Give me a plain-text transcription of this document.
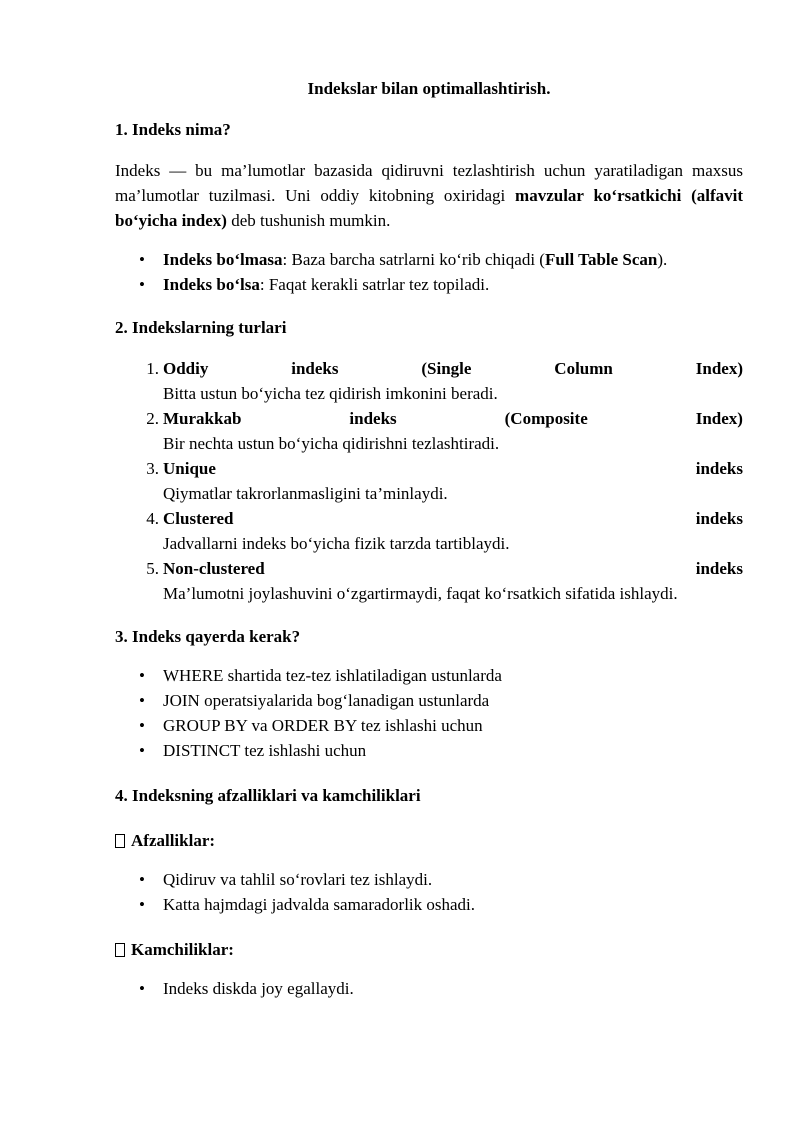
Indekslar bilan optimallashtirish.

1. Indeks nima?

Indeks — bu ma’lumotlar bazasida qidiruvni tezlashtirish uchun yaratiladigan maxsus ma’lumotlar tuzilmasi. Uni oddiy kitobning oxiridagi mavzular ko‘rsatkichi (alfavit bo‘yicha index) deb tushunish mumkin.

• Indeks bo‘lmasa: Baza barcha satrlarni ko‘rib chiqadi (Full Table Scan).
• Indeks bo‘lsa: Faqat kerakli satrlar tez topiladi.
2. Indekslarning turlari
1. Oddiy	indeks	(Single	Column	Index)
Bitta ustun bo‘yicha tez qidirish imkonini beradi.
2. Murakkab	indeks	(Composite	Index)
Bir nechta ustun bo‘yicha qidirishni tezlashtiradi.
3. Unique	indeks
Qiymatlar takrorlanmasligini ta’minlaydi.
4. Clustered	indeks
Jadvallarni indeks bo‘yicha fizik tarzda tartiblaydi.
5. Non-clustered	indeks
Ma’lumotni joylashuvini o‘zgartirmaydi, faqat ko‘rsatkich sifatida ishlaydi.
3. Indeks qayerda kerak?
• WHERE shartida tez-tez ishlatiladigan ustunlarda
• JOIN operatsiyalarida bog‘lanadigan ustunlarda
• GROUP BY va ORDER BY tez ishlashi uchun
• DISTINCT tez ishlashi uchun
4. Indeksning afzalliklari va kamchiliklari
Afzalliklar:
• Qidiruv va tahlil so‘rovlari tez ishlaydi.
• Katta hajmdagi jadvalda samaradorlik oshadi.
Kamchiliklar:
• Indeks diskda joy egallaydi.
